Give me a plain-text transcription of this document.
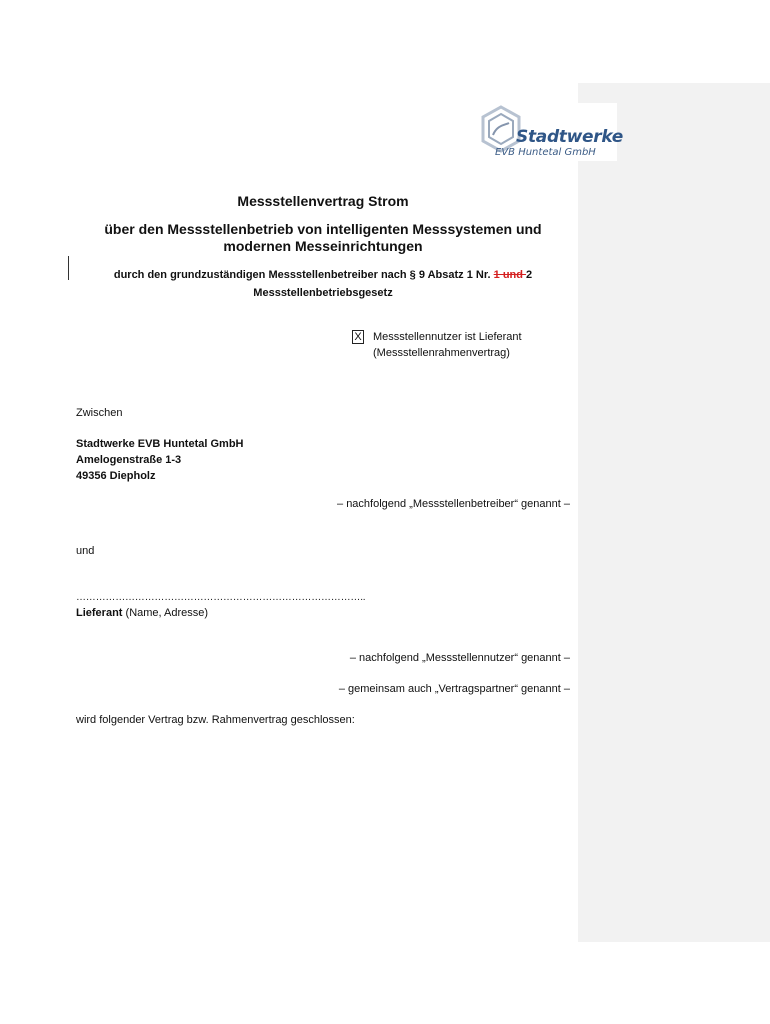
Stadtwerke
EVB Huntetal GmbH
Messstellenvertrag Strom
über den Messstellenbetrieb von intelligenten Messsystemen und
modernen Messeinrichtungen
durch den grundzuständigen Messstellenbetreiber nach § 9 Absatz 1 Nr. 1 und 2
Messstellenbetriebsgesetz
X Messstellennutzer ist Lieferant
(Messstellenrahmenvertrag)
Zwischen
Stadtwerke EVB Huntetal GmbH
Amelogenstraße 1-3
49356 Diepholz
– nachfolgend „Messstellenbetreiber“ genannt –
und
……………………………………………………………………………..
Lieferant (Name, Adresse)
– nachfolgend „Messstellennutzer“ genannt –
– gemeinsam auch „Vertragspartner“ genannt –
wird folgender Vertrag bzw. Rahmenvertrag geschlossen:
